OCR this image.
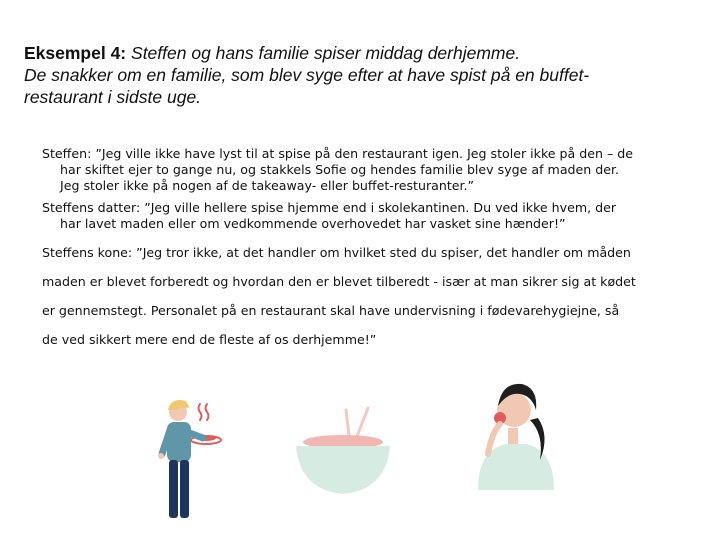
Eksempel 4: Steffen og hans familie spiser middag derhjemme.
De snakker om en familie, som blev syge efter at have spist på en buffet-
restaurant i sidste uge.

Steffen: ”Jeg ville ikke have lyst til at spise på den restaurant igen. Jeg stoler ikke på den – de
har skiftet ejer to gange nu, og stakkels Sofie og hendes familie blev syge af maden der.
Jeg stoler ikke på nogen af de takeaway- eller buffet-resturanter.”

Steffens datter: ”Jeg ville hellere spise hjemme end i skolekantinen. Du ved ikke hvem, der
har lavet maden eller om vedkommende overhovedet har vasket sine hænder!”

Steffens kone: ”Jeg tror ikke, at det handler om hvilket sted du spiser, det handler om måden
maden er blevet forberedt og hvordan den er blevet tilberedt - især at man sikrer sig at kødet
er gennemstegt. Personalet på en restaurant skal have undervisning i fødevarehygiejne, så
de ved sikkert mere end de fleste af os derhjemme!”
